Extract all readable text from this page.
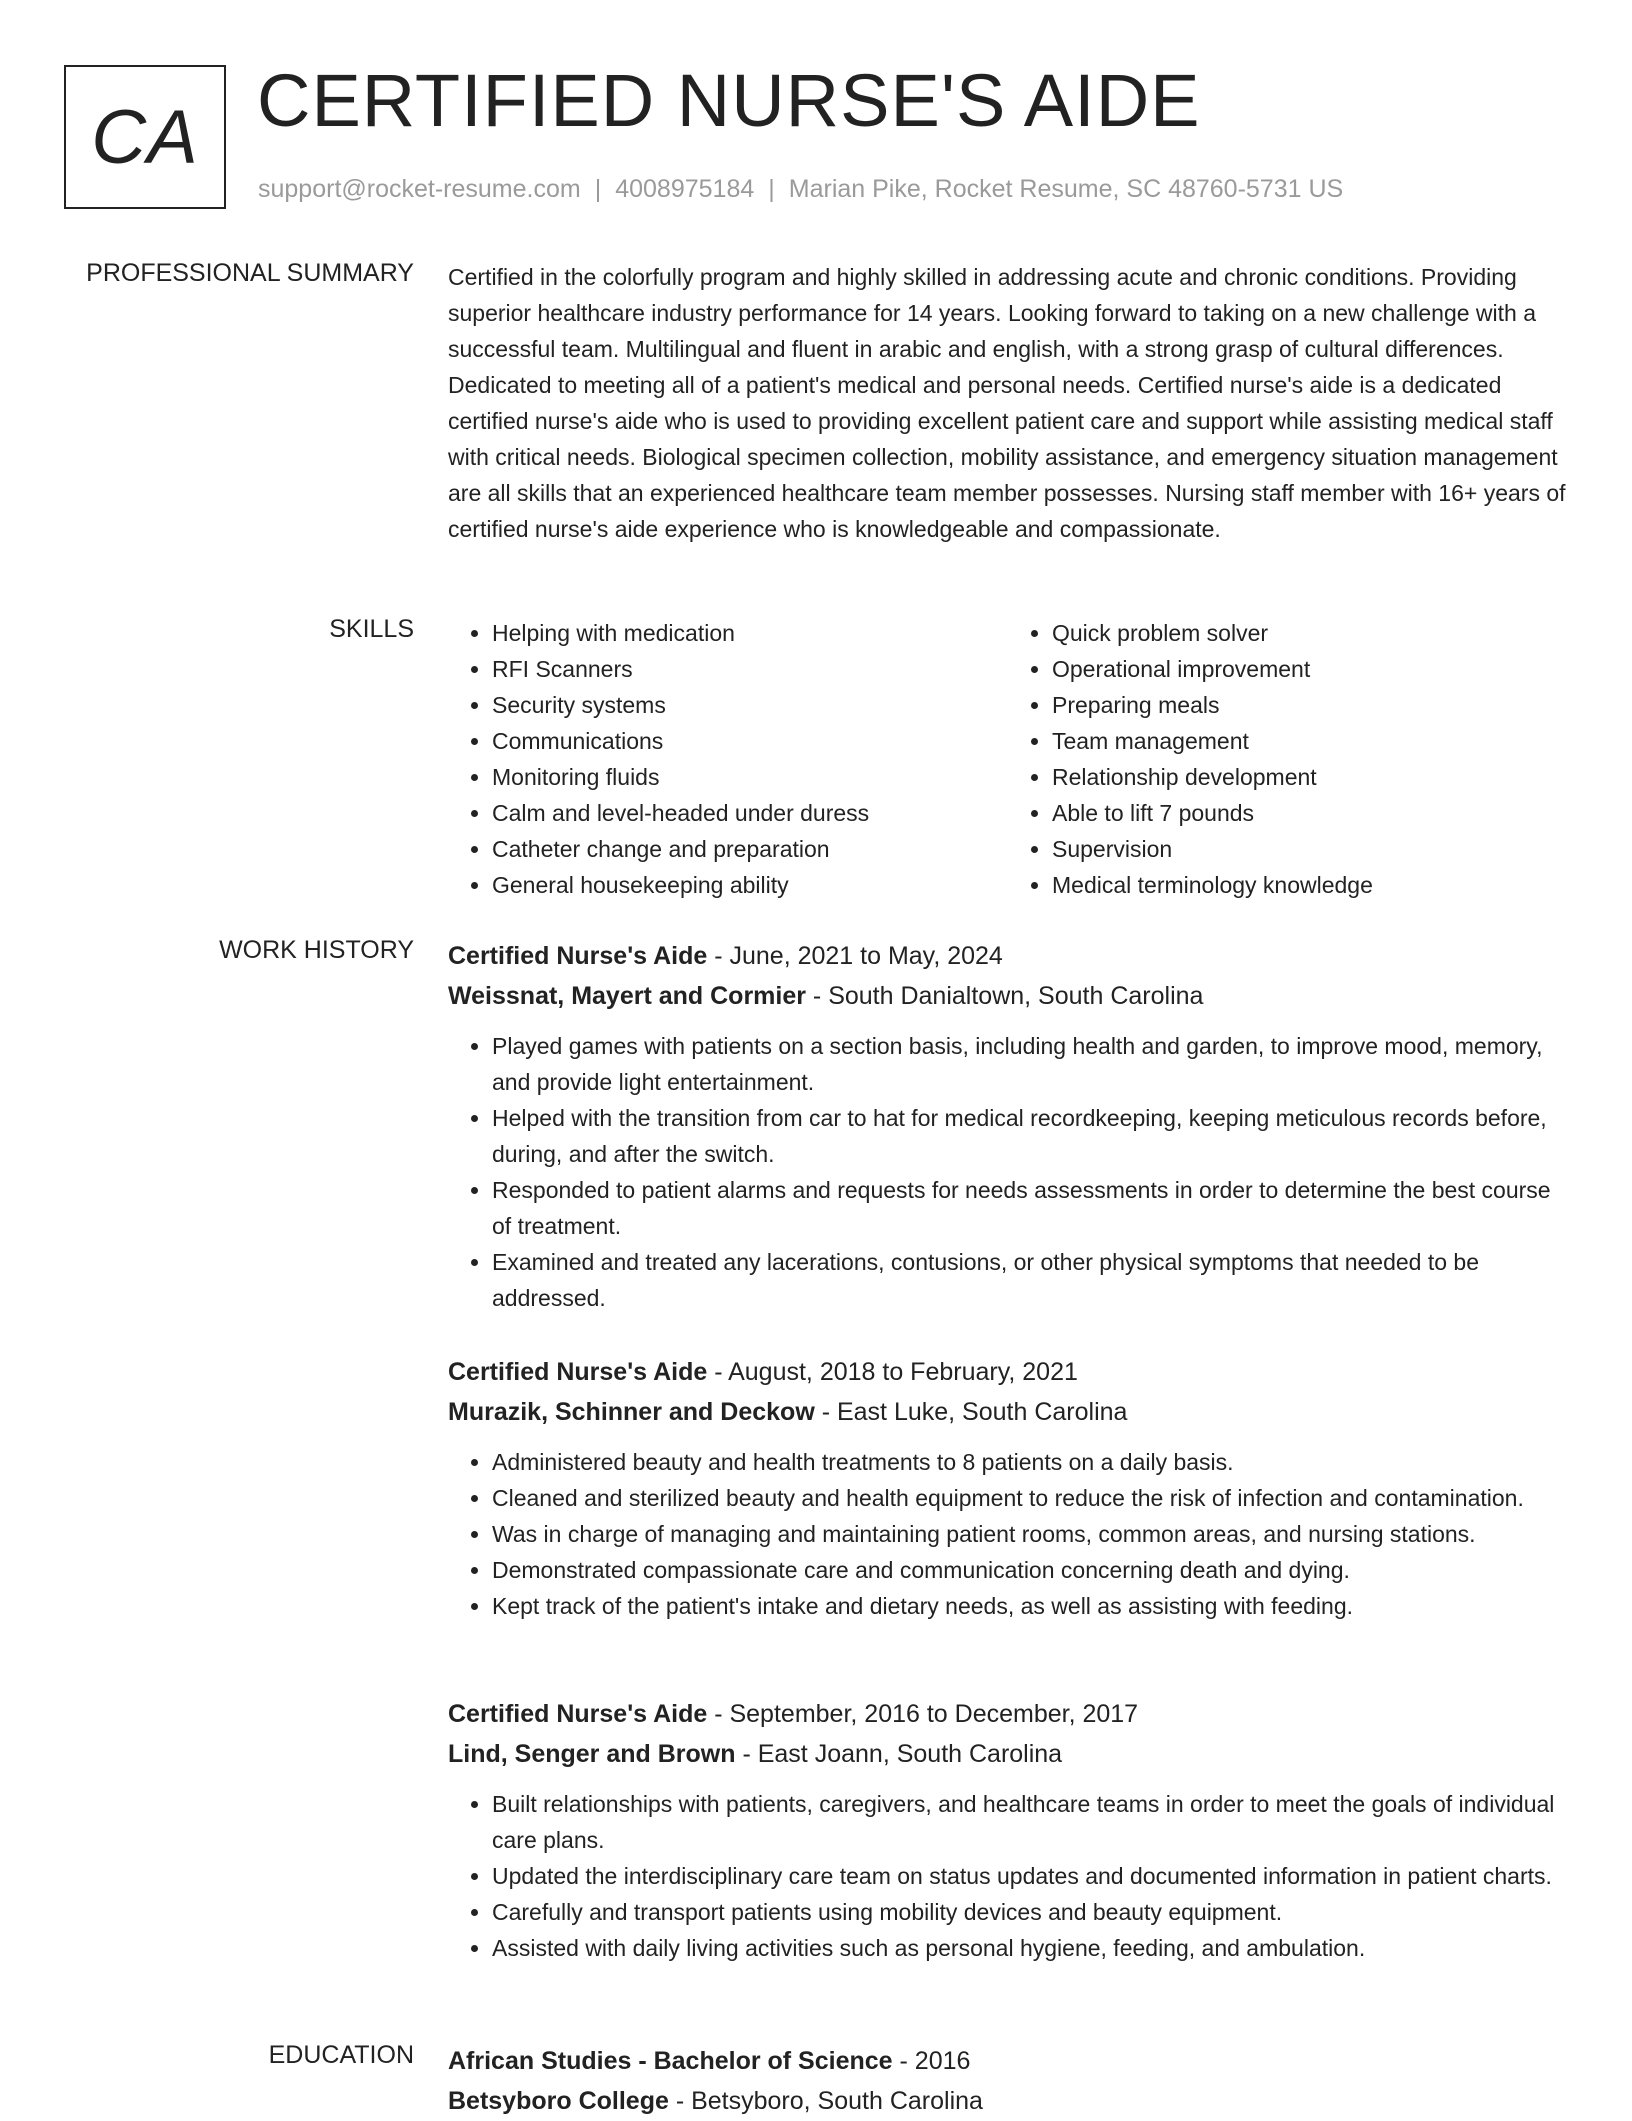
CA CERTIFIED NURSE'S AIDE
support@rocket-resume.com | 4008975184 | Marian Pike, Rocket Resume, SC 48760-5731 US
PROFESSIONAL SUMMARY Certified in the colorfully program and highly skilled in addressing acute and chronic conditions. Providing superior healthcare industry performance for 14 years. Looking forward to taking on a new challenge with a successful team. Multilingual and fluent in arabic and english, with a strong grasp of cultural differences. Dedicated to meeting all of a patient's medical and personal needs. Certified nurse's aide is a dedicated certified nurse's aide who is used to providing excellent patient care and support while assisting medical staff with critical needs. Biological specimen collection, mobility assistance, and emergency situation management are all skills that an experienced healthcare team member possesses. Nursing staff member with 16+ years of certified nurse's aide experience who is knowledgeable and compassionate.

SKILLS
•	Helping with medication
• RFI Scanners
• Security systems
• Communications
• Monitoring fluids
• Calm and level-headed under duress
• Catheter change and preparation
• General housekeeping ability
• Quick problem solver
• Operational improvement
• Preparing meals
• Team management
• Relationship development
• Able to lift 7 pounds
• Supervision
• Medical terminology knowledge
WORK HISTORY Certified Nurse's Aide - June, 2021 to May, 2024
Weissnat, Mayert and Cormier - South Danialtown, South Carolina
• Played games with patients on a section basis, including health and garden, to improve mood, memory, and provide light entertainment.
• Helped with the transition from car to hat for medical recordkeeping, keeping meticulous records before, during, and after the switch.
• Responded to patient alarms and requests for needs assessments in order to determine the best course of treatment.
• Examined and treated any lacerations, contusions, or other physical symptoms that needed to be addressed.
Certified Nurse's Aide - August, 2018 to February, 2021
Murazik, Schinner and Deckow - East Luke, South Carolina
• Administered beauty and health treatments to 8 patients on a daily basis.
• Cleaned and sterilized beauty and health equipment to reduce the risk of infection and contamination.
• Was in charge of managing and maintaining patient rooms, common areas, and nursing stations.
• Demonstrated compassionate care and communication concerning death and dying.
• Kept track of the patient's intake and dietary needs, as well as assisting with feeding.
Certified Nurse's Aide - September, 2016 to December, 2017
Lind, Senger and Brown - East Joann, South Carolina
• Built relationships with patients, caregivers, and healthcare teams in order to meet the goals of individual care plans.
• Updated the interdisciplinary care team on status updates and documented information in patient charts.
• Carefully and transport patients using mobility devices and beauty equipment.
• Assisted with daily living activities such as personal hygiene, feeding, and ambulation.
EDUCATION African Studies - Bachelor of Science - 2016
Betsyboro College - Betsyboro, South Carolina
